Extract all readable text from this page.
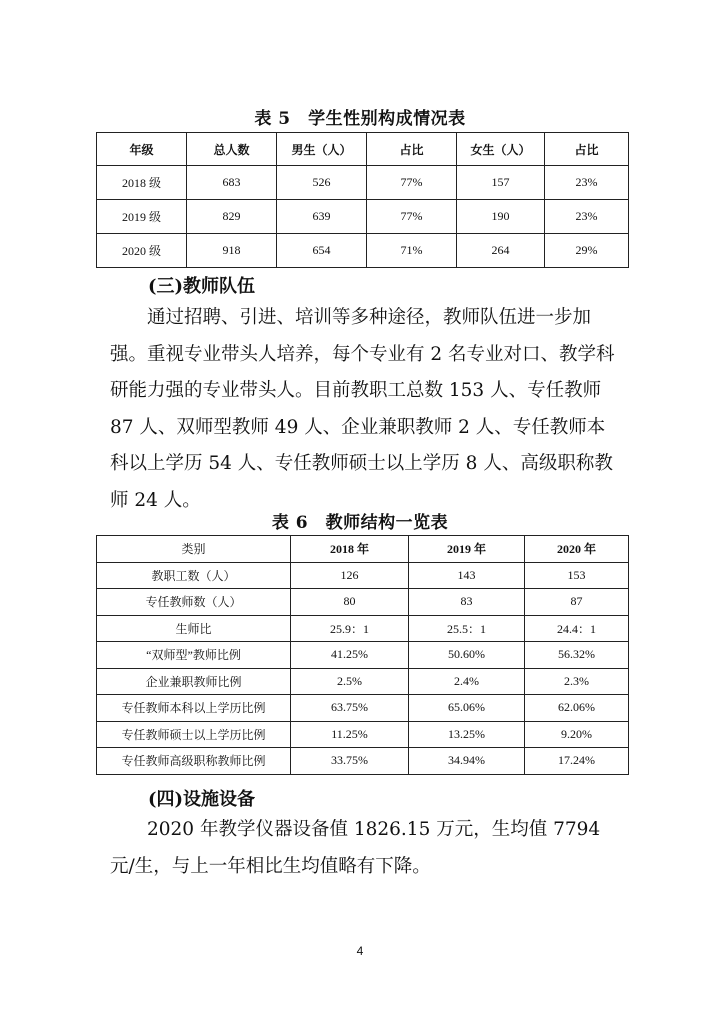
表 5　学生性别构成情况表
年级	总人数	男生（人）	占比	女生（人）	占比
2018 级	683	526	77%	157	23%
2019 级	829	639	77%	190	23%
2020 级	918	654	71%	264	29%
(三)教师队伍

通过招聘、引进、培训等多种途径，教师队伍进一步加强。重视专业带头人培养，每个专业有 2 名专业对口、教学科研能力强的专业带头人。目前教职工总数 153 人、专任教师 87 人、双师型教师 49 人、企业兼职教师 2 人、专任教师本科以上学历 54 人、专任教师硕士以上学历 8 人、高级职称教师 24 人。

表 6　教师结构一览表
类别	2018 年	2019 年	2020 年
教职工数（人）	126	143	153
专任教师数（人）	80	83	87
生师比	25.9：1	25.5：1	24.4：1
“双师型”教师比例	41.25%	50.60%	56.32%
企业兼职教师比例	2.5%	2.4%	2.3%
专任教师本科以上学历比例	63.75%	65.06%	62.06%
专任教师硕士以上学历比例	11.25%	13.25%	9.20%
专任教师高级职称教师比例	33.75%	34.94%	17.24%
(四)设施设备

2020 年教学仪器设备值 1826.15 万元，生均值 7794 元/生，与上一年相比生均值略有下降。

4
